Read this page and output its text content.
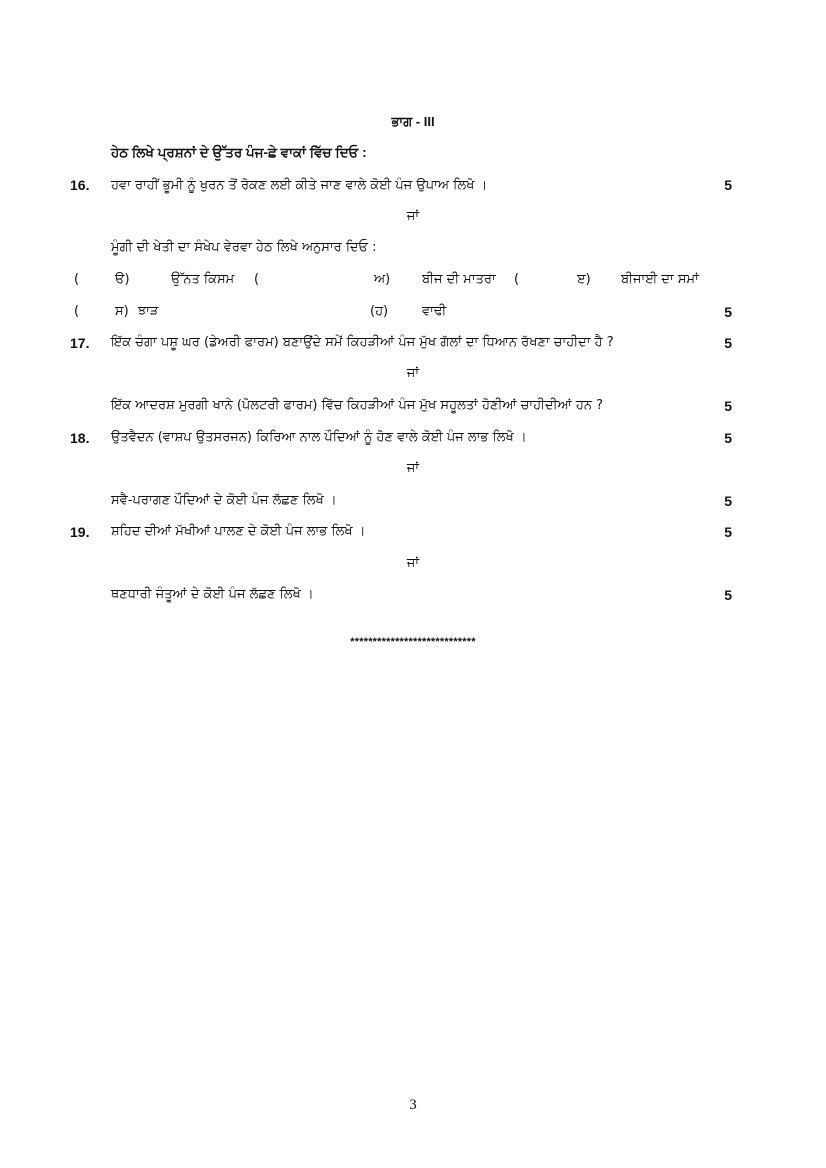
ਭਾਗ - III
ਹੇਠ ਲਿਖੇ ਪ੍ਰਸ਼ਨਾਂ ਦੇ ਉੱਤਰ ਪੰਜ-ਛੇ ਵਾਕਾਂ ਵਿੱਚ ਦਿਓ :
16. ਹਵਾ ਰਾਹੀਂ ਭੂਮੀ ਨੂੰ ਖੁਰਨ ਤੋਂ ਰੋਕਣ ਲਈ ਕੀਤੇ ਜਾਣ ਵਾਲੇ ਕੋਈ ਪੰਜ ਉਪਾਅ ਲਿਖੋ ।	5
ਜਾਂ
ਮੂੰਗੀ ਦੀ ਖੇਤੀ ਦਾ ਸੰਖੇਪ ਵੇਰਵਾ ਹੇਠ ਲਿਖੇ ਅਨੁਸਾਰ ਦਿਓ :
(	ੳ)	ਉੱਨਤ ਕਿਸਮ (	ਅ) ਬੀਜ ਦੀ ਮਾਤਰਾ (	ੲ) ਬੀਜਾਈ ਦਾ ਸਮਾਂ
(	ਸ) ਝਾੜ	(ਹ)	ਵਾਢੀ	5
17. ਇੱਕ ਚੰਗਾ ਪਸ਼ੂ ਘਰ (ਡੇਅਰੀ ਫਾਰਮ) ਬਣਾਉਂਦੇ ਸਮੇਂ ਕਿਹੜੀਆਂ ਪੰਜ ਮੁੱਖ ਗੱਲਾਂ ਦਾ ਧਿਆਨ ਰੱਖਣਾ ਚਾਹੀਦਾ ਹੈ ?	5
ਜਾਂ
ਇੱਕ ਆਦਰਸ਼ ਮੁਰਗੀ ਖਾਨੇ (ਪੋਲਟਰੀ ਫਾਰਮ) ਵਿੱਚ ਕਿਹੜੀਆਂ ਪੰਜ ਮੁੱਖ ਸਹੂਲਤਾਂ ਹੋਣੀਆਂ ਚਾਹੀਦੀਆਂ ਹਨ ?	5
18. ਉਤਵੈਦਨ (ਵਾਸ਼ਪ ਉਤਸਰਜਨ) ਕਿਰਿਆ ਨਾਲ ਪੌਦਿਆਂ ਨੂੰ ਹੋਣ ਵਾਲੇ ਕੋਈ ਪੰਜ ਲਾਭ ਲਿਖੋ ।	5
ਜਾਂ
ਸਵੈ-ਪਰਾਗਣ ਪੌਦਿਆਂ ਦੇ ਕੋਈ ਪੰਜ ਲੱਛਣ ਲਿਖੋ ।	5
19. ਸ਼ਹਿਦ ਦੀਆਂ ਮੱਖੀਆਂ ਪਾਲਣ ਦੇ ਕੋਈ ਪੰਜ ਲਾਭ ਲਿਖੋ ।	5
ਜਾਂ
ਥਣਧਾਰੀ ਜੰਤੂਆਂ ਦੇ ਕੋਈ ਪੰਜ ਲੱਛਣ ਲਿਖੋ ।	5
****************************
3
